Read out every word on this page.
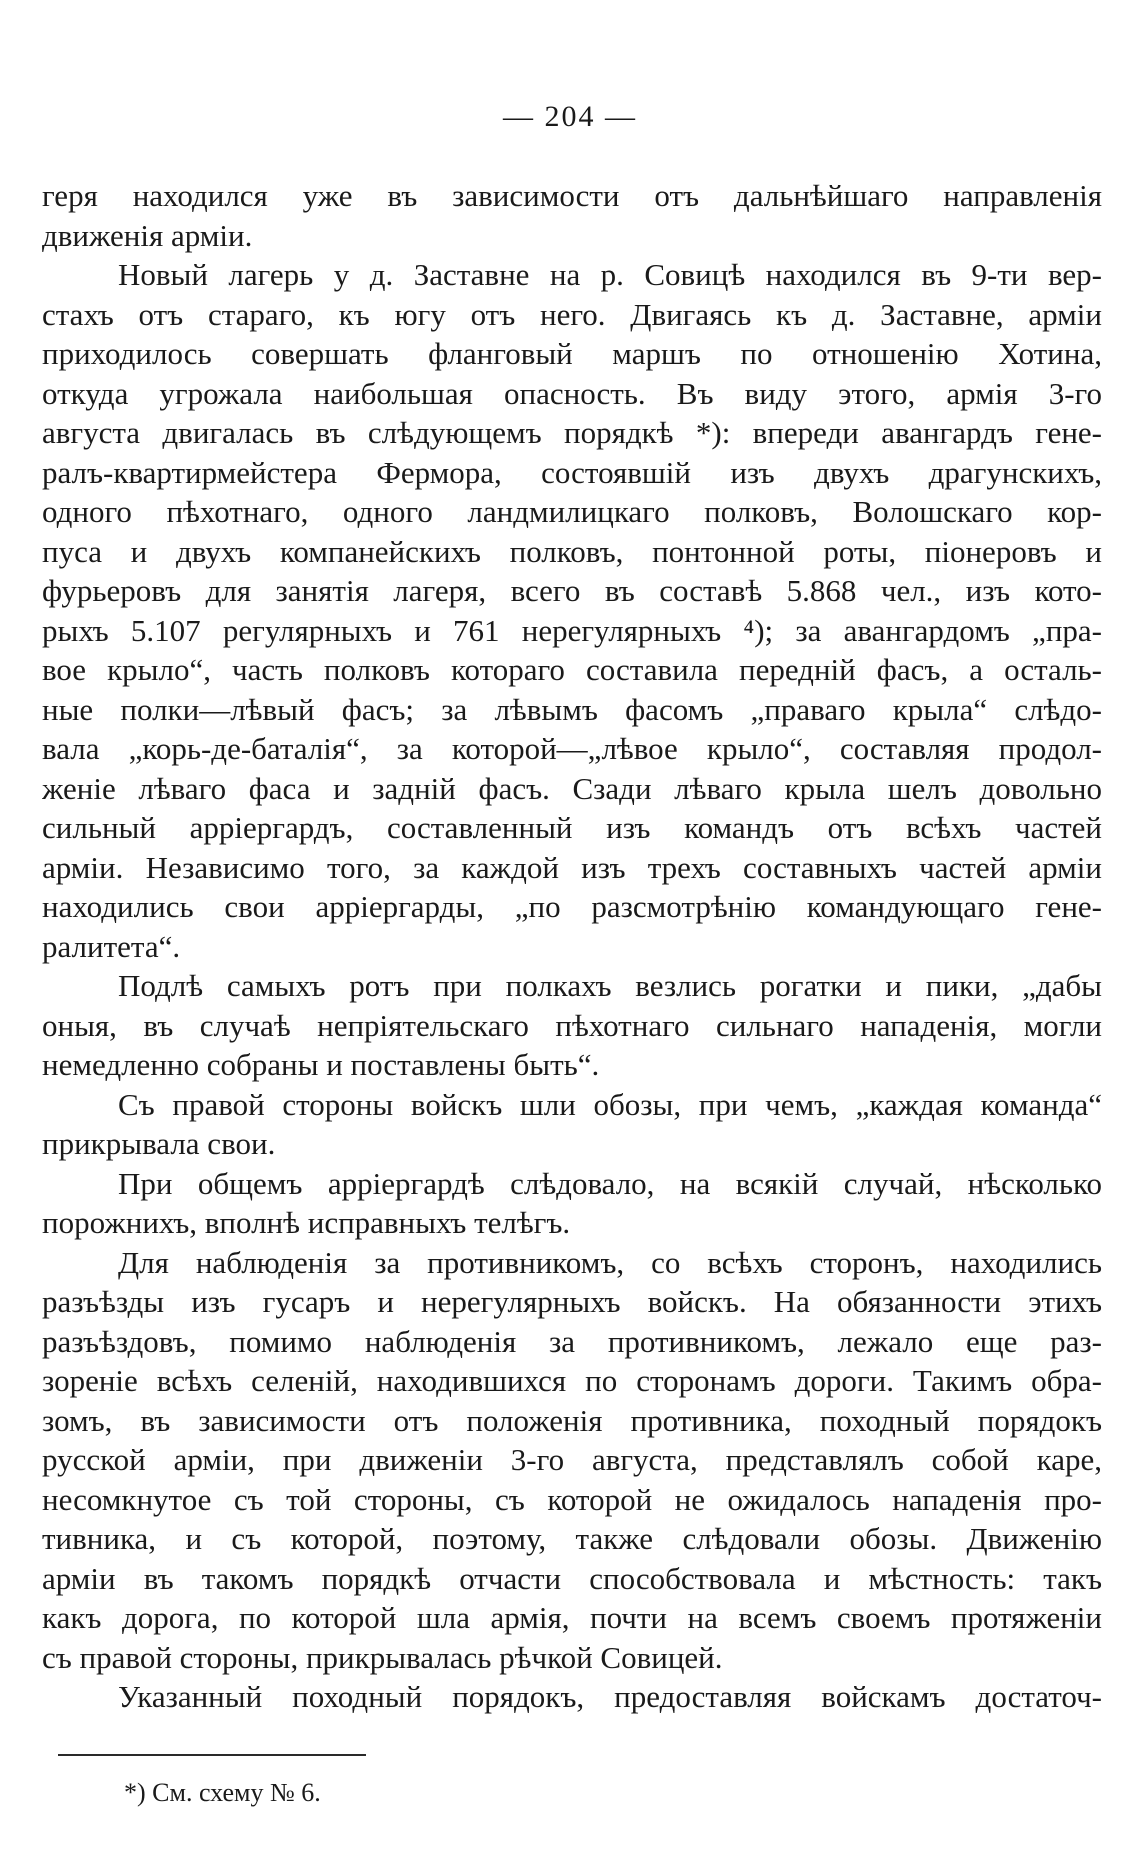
— 204 —
геря находился уже въ зависимости отъ дальнѣйшаго направленія
движенія арміи.
Новый лагерь у д. Заставне на р. Совицѣ находился въ 9-ти вер-
стахъ отъ стараго, къ югу отъ него. Двигаясь къ д. Заставне, арміи
приходилось совершать фланговый маршъ по отношенію Хотина,
откуда угрожала наибольшая опасность. Въ виду этого, армія 3-го
августа двигалась въ слѣдующемъ порядкѣ *): впереди авангардъ гене-
ралъ-квартирмейстера Фермора, состоявшій изъ двухъ драгунскихъ,
одного пѣхотнаго, одного ландмилицкаго полковъ, Волошскаго кор-
пуса и двухъ компанейскихъ полковъ, понтонной роты, піонеровъ и
фурьеровъ для занятія лагеря, всего въ составѣ 5.868 чел., изъ кото-
рыхъ 5.107 регулярныхъ и 761 нерегулярныхъ ⁴); за авангардомъ „пра-
вое крыло“, часть полковъ котораго составила передній фасъ, а осталь-
ные полки—лѣвый фасъ; за лѣвымъ фасомъ „праваго крыла“ слѣдо-
вала „корь-де-баталія“, за которой—„лѣвое крыло“, составляя продол-
женіе лѣваго фаса и задній фасъ. Сзади лѣваго крыла шелъ довольно
сильный арріергардъ, составленный изъ командъ отъ всѣхъ частей
арміи. Независимо того, за каждой изъ трехъ составныхъ частей арміи
находились свои арріергарды, „по разсмотрѣнію командующаго гене-
ралитета“.
Подлѣ самыхъ ротъ при полкахъ везлись рогатки и пики, „дабы
оныя, въ случаѣ непріятельскаго пѣхотнаго сильнаго нападенія, могли
немедленно собраны и поставлены быть“.
Съ правой стороны войскъ шли обозы, при чемъ, „каждая команда“
прикрывала свои.
При общемъ арріергардѣ слѣдовало, на всякій случай, нѣсколько
порожнихъ, вполнѣ исправныхъ телѣгъ.
Для наблюденія за противникомъ, со всѣхъ сторонъ, находились
разъѣзды изъ гусаръ и нерегулярныхъ войскъ. На обязанности этихъ
разъѣздовъ, помимо наблюденія за противникомъ, лежало еще раз-
зореніе всѣхъ селеній, находившихся по сторонамъ дороги. Такимъ обра-
зомъ, въ зависимости отъ положенія противника, походный порядокъ
русской арміи, при движеніи 3-го августа, представлялъ собой каре,
несомкнутое съ той стороны, съ которой не ожидалось нападенія про-
тивника, и съ которой, поэтому, также слѣдовали обозы. Движенію
арміи въ такомъ порядкѣ отчасти способствовала и мѣстность: такъ
какъ дорога, по которой шла армія, почти на всемъ своемъ протяженіи
съ правой стороны, прикрывалась рѣчкой Совицей.
Указанный походный порядокъ, предоставляя войскамъ достаточ-
*) См. схему № 6.
